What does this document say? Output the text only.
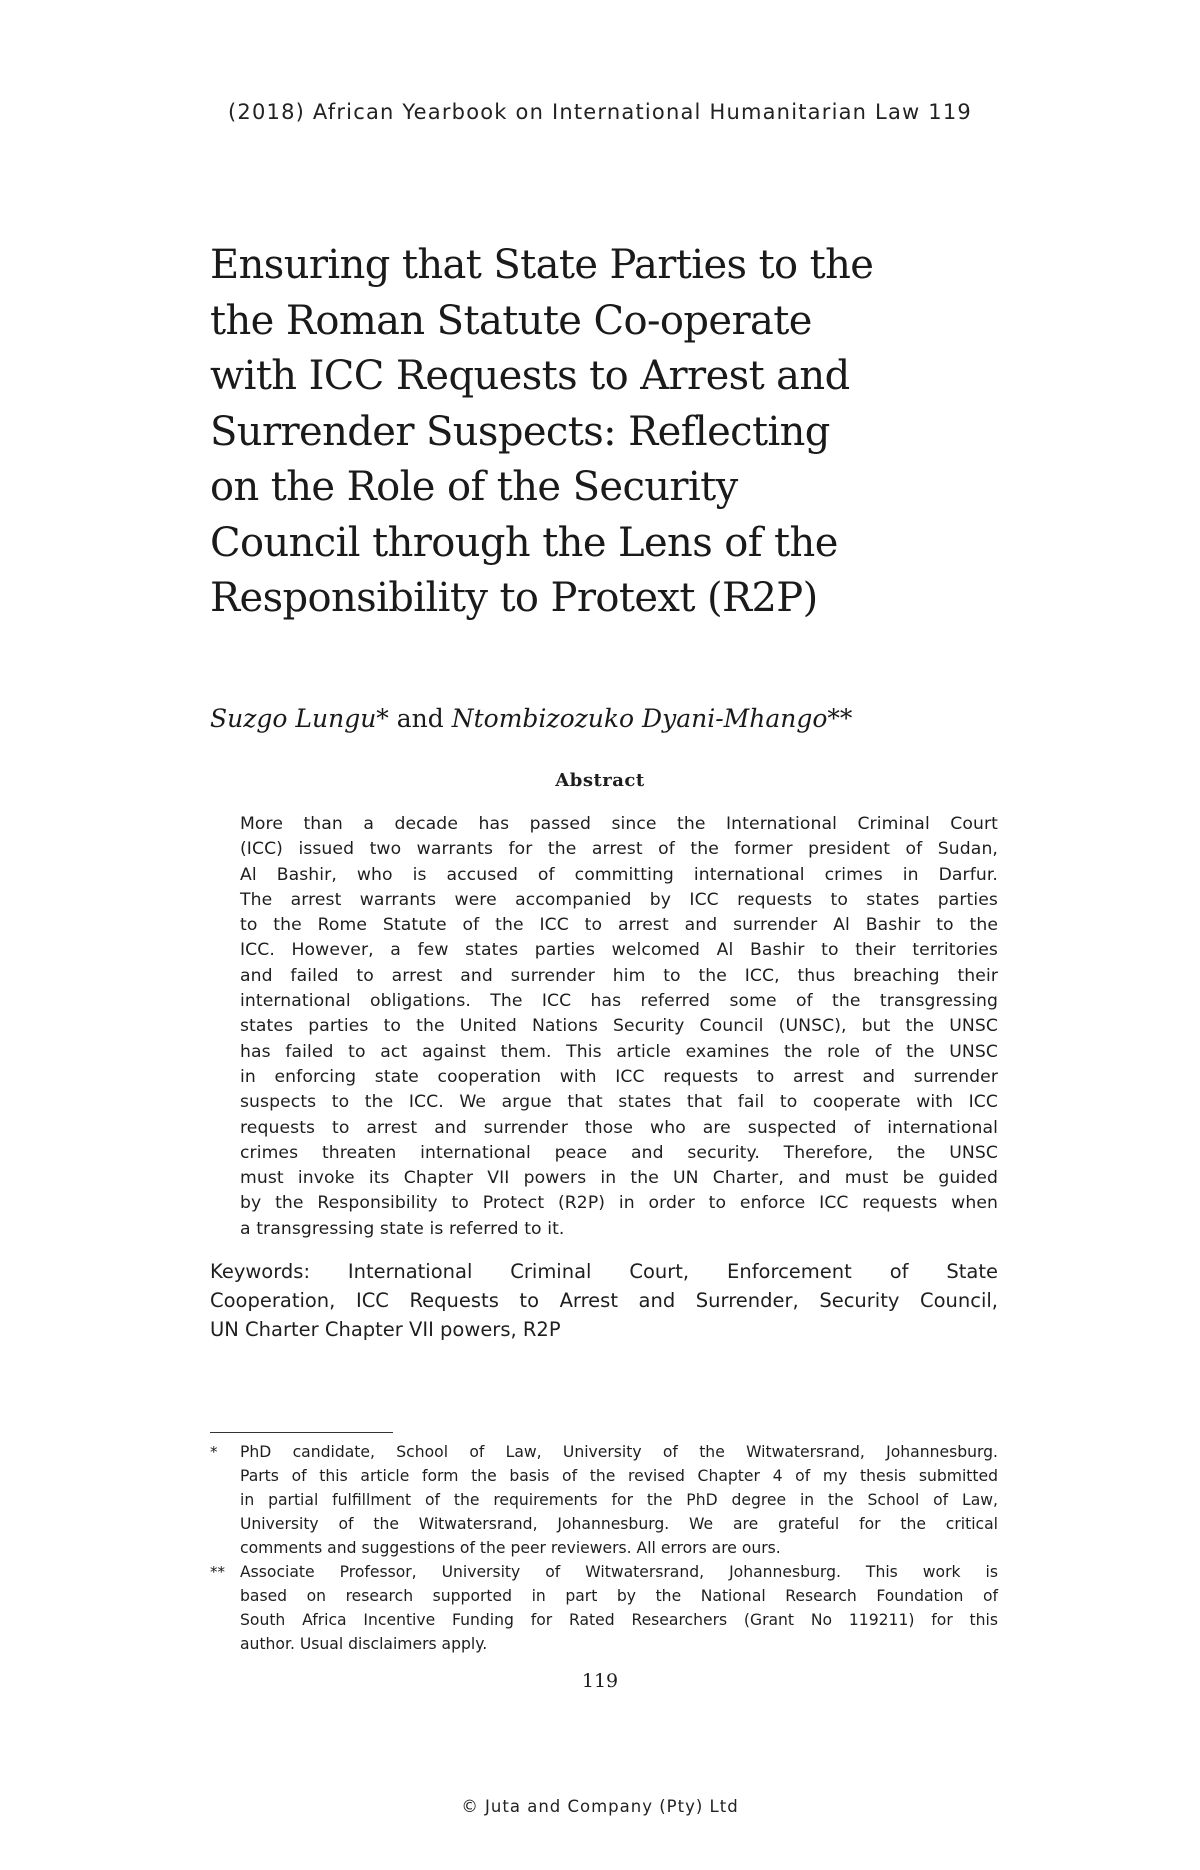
(2018) African Yearbook on International Humanitarian Law 119
Ensuring that State Parties to the
the Roman Statute Co-operate
with ICC Requests to Arrest and
Surrender Suspects: Reflecting
on the Role of the Security
Council through the Lens of the
Responsibility to Protext (R2P)
Suzgo Lungu* and Ntombizozuko Dyani-Mhango**
Abstract
More than a decade has passed since the International Criminal Court
(ICC) issued two warrants for the arrest of the former president of Sudan,
Al Bashir, who is accused of committing international crimes in Darfur.
The arrest warrants were accompanied by ICC requests to states parties
to the Rome Statute of the ICC to arrest and surrender Al Bashir to the
ICC. However, a few states parties welcomed Al Bashir to their territories
and failed to arrest and surrender him to the ICC, thus breaching their
international obligations. The ICC has referred some of the transgressing
states parties to the United Nations Security Council (UNSC), but the UNSC
has failed to act against them. This article examines the role of the UNSC
in enforcing state cooperation with ICC requests to arrest and surrender
suspects to the ICC. We argue that states that fail to cooperate with ICC
requests to arrest and surrender those who are suspected of international
crimes threaten international peace and security. Therefore, the UNSC
must invoke its Chapter VII powers in the UN Charter, and must be guided
by the Responsibility to Protect (R2P) in order to enforce ICC requests when
a transgressing state is referred to it.
Keywords: International Criminal Court, Enforcement of State
Cooperation, ICC Requests to Arrest and Surrender, Security Council,
UN Charter Chapter VII powers, R2P
* PhD candidate, School of Law, University of the Witwatersrand, Johannesburg.
Parts of this article form the basis of the revised Chapter 4 of my thesis submitted
in partial fulfillment of the requirements for the PhD degree in the School of Law,
University of the Witwatersrand, Johannesburg. We are grateful for the critical
comments and suggestions of the peer reviewers. All errors are ours.
** Associate Professor, University of Witwatersrand, Johannesburg. This work is
based on research supported in part by the National Research Foundation of
South Africa Incentive Funding for Rated Researchers (Grant No 119211) for this
author. Usual disclaimers apply.
119
© Juta and Company (Pty) Ltd
